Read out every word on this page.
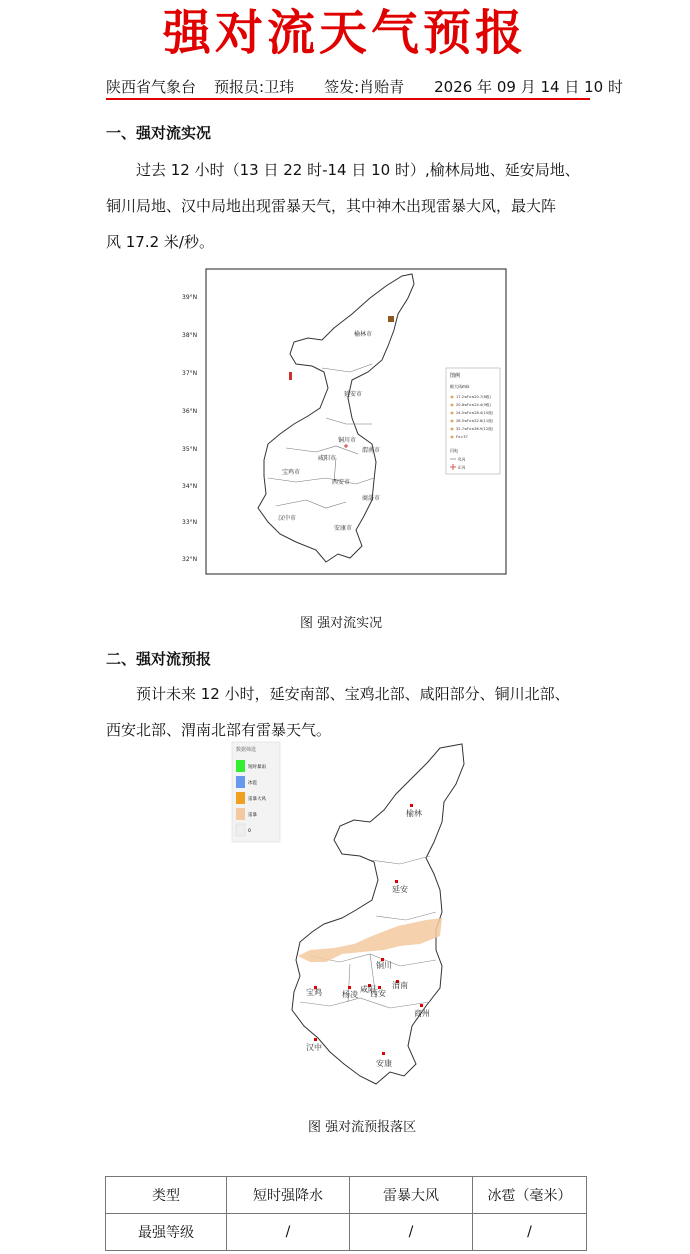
强对流天气预报
陕西省气象台 预报员:卫玮 签发:肖贻青 2026 年 09 月 14 日 10 时
一、强对流实况
过去 12 小时（13 日 22 时-14 日 10 时）,榆林局地、延安局地、
铜川局地、汉中局地出现雷暴天气，其中神木出现雷暴大风，最大阵
风 17.2 米/秒。
39°N
38°N
37°N
36°N
35°N
34°N
33°N
32°N
榆林市
延安市
铜川市
渭南市
咸阳市
宝鸡市
西安市
商洛市
汉中市
安康市
图例
极大风m/s
17.2≤Fx≤20.7(8级)
20.8≤Fx≤24.4(9级)
24.5≤Fx≤28.4(10级)
28.5≤Fx≤32.6(11级)
32.7≤Fx≤36.9(12级)
Fx>37
闪电
负闪
正闪
图 强对流实况
二、强对流预报
预计未来 12 小时，延安南部、宝鸡北部、咸阳部分、铜川北部、
西安北部、渭南北部有雷暴天气。
数据筛选
短时暴雨
冰雹
雷暴大风
雷暴
0
榆林
延安
铜川
宝鸡	杨凌
咸阳
西安
渭南
商州
汉中
安康
图 强对流预报落区
类型	短时强降水	雷暴大风	冰雹（毫米）
最强等级	/	/	/
